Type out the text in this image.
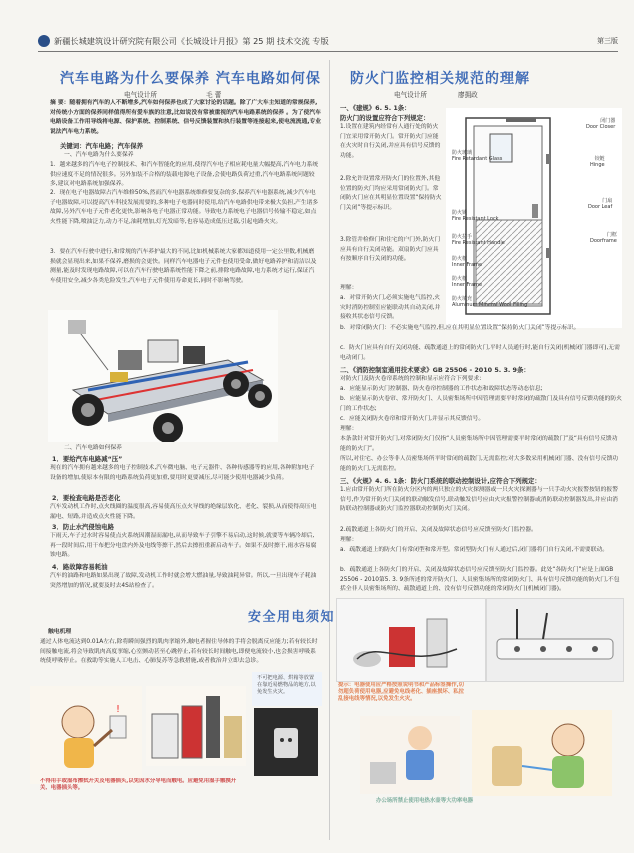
新疆长城建筑设计研究院有限公司《长城设计月报》第 25 期 技术交流 专版	第三版
汽车电路为什么要保养 汽车电路如何保
电气设计所	毛 蕾
摘 要：随着拥有汽车的人不断增多,汽车如何保养也成了大家讨论的话题。除了广大车主知道的常规保养,对传统小方面的保养同样值得所有爱车族的注意,比如说没有常被重视的汽车电路系统的保养 。为了使汽车电路设备工作用导线将电源、保护系统、控制系统、信号反馈装置和执行装置等连接起来,使电流流通,专业说法汽车电力系统。
关键词：汽车电路；汽车保养
一、汽车电路为什么要保养
1．越来越多的汽车电子控制技术、和汽车智能化的应用,使得汽车电子相应耗电量大幅提高,汽车电力系统供应速度不足的情况很多。另外加装不合格的装载电源电子设备,会使电路负荷过重,汽车电路系统问题较多,建议对电路系统加强保养。
2．现在电子电器故障占汽车维修50%,然而汽车电器系统维修要复杂的多,保养汽车电器系统,减少汽车电子电器故障,可以提高汽车科技发展需要的,多种电子电器同时使用,给汽车电路供电带来极大负担,产生诸多故障,另外汽车电子元件老化更快,影响各电子电器正常功能。导致电力系统电子电器信号传输不稳定,如点火性能下降,喷油泛力,动力不足,油耗增加,灯光发暗等,也容易造成低压过载,引起电路火灾。
3．要在汽车行驶中进行,和常规的汽车养护最大的不同,比如机械系统大家都知道使用一定公里数,机械磨损就会显现出来,如果不保养,磨损的会更快。同样汽车电器电子元件也使用受命,做好电路养护和清洁以及测量,能及时发现电路故障,可以在汽车行驶电路系统性能下降之前,排除电路故障,电力系统才运行,保证汽车使用安全,减少各类危险发生,汽车电子元件使用寿命更长,同时不影响驾驶。
二、汽车电路如何保养
1．要给汽车电路减“压”
现在的汽车拥有越来越多的电子控制技术,汽车微电脑、电子元器件、各种传感器等的应用,各种附加电子设备的增加,使原本有限的电路系统负荷更加重,要用时更要减压,尽可能少使用电器减少负荷。
2．要检查电路是否老化
汽车发动机工作时,点火线圈的温度很高,容易使高压点火导线的绝缘层软化、老化、裂损,从而使得高压电漏电、短路,并造成点火性能下降。
3．防止水汽侵蚀电路
下雨天,车子过水时容易使点火系统因潮湿而漏电,从而导致车子引擎不易启动,这时候,就要等车辆冷却后,再一段时间后,用干布把分电盘内外及电线等擦干,然后去擦扭重新启动车子。如果不及时擦干,雨水容易腐蚀电路。
4．路故障容易耗油
汽车的油路和电路如果出现了故障,发动机工作时就会增大燃油量,导致油耗异常。所以,一旦出现车子耗油突然增加的情况,就要及时去4S站检查了。
安全用电须知
触电机理
通过人体电流达到0.01A左右,除将瞬间强烈的肌肉挛缩外,触电者握住导体的手将会脱离反应能力;若有较长时间接触电流,将会导致肌肉高度挛缩,心室颤动甚至心跳停止,若有较长时间触电,即便电流较小,也会损害呼吸系统使呼吸停止。在救助等实施人工电击、心肺复苏等急救措施,或者救治并立即去急诊。
!
不得用手或湿布擦拭开关及电器插头,以免因水分导电而触电。应避免用湿手触摸开关、电器插头等。
不可把电源、烘箱等放置在靠近易燃物品的地方,以免发生火灾。
防火门监控相关规范的理解
电气设计所	廖拥政
一、《建规》6. 5. 1条：
防火门的设置应符合下列规定：
1.设置在建筑内经常有人通行处的防火门宜采用常开防火门。常开防火门应能在火灾时自行关闭,并应具有信号反馈的功能。
2.除允许设置常开防火门的位置外,其他位置的防火门均应采用常闭防火门。常闭防火门应在其明显位置设置“保持防火门关闭”等提示标识。
3.除管井检修门和住宅的户门外,防火门应具有自行关闭功能。双扇防火门应具有按顺序自行关闭的功能。
理解：
a．对常开防火门,必须实施电气监控,火灾时消防控制室应能联动其自动关闭,并接收其状态信号反馈。
闭门器
Door Closer
防火玻璃
Fire Retardant Glass	铰链
Hinge
防火锁
Fire Resistant Lock
门扇
Door Leaf
防火拉手
Fire Resistant Handle
门框
Doorframe
防火框
Inner Frame
防火框
Inner Frame
防火填充
Aluminum Mineral Wool Filling
b．对常闭防火门：不必实施电气监控,但,应在其明显位置设置“保持防火门关闭”等提示标识。
c．防火门应具有自行关闭功能、疏散通道上的常闭防火门,平时人员通行时,能自行关闭(机械闭门器即可),无需电动闭门。
二、《消防控制室通用技术要求》GB 25506 - 2010 5. 3. 9条：
对防火门及防火卷帘系统的控制和显示应符合下列要求：
a．应能显示防火门控制器、防火卷帘控制器的工作状态和故障状态等动态信息;
b．应能显示防火卷帘、常开防火门、人员密集场所中因管理需要平时常闭的疏散门及具有信号反馈功能的防火门的工作状态;
c．应能关闭防火卷帘和常开防火门,并显示其反馈信号。
理解：
本条款针对常开防火门,对常闭防火门仅指“人员密集场所中因管理需要平时常闭的疏散门”及“具有信号反馈功能的防火门”。
所以,对住宅、办公等非人员密集场所平时常闭的疏散门,无需监控;对大多数采用机械闭门器、没有信号反馈功能的防火门,无需监控。
三、《火规》4. 6. 1条：防火门系统的联动控制设计,应符合下列规定：
1.应由常开防火门所在防火分区内的两只独立的火灾探测器或一只火灾探测器与一只手动火灾报警按钮的报警信号,作为常开防火门关闭的联动触发信号,联动触发信号应由火灾报警控制器或消防联动控制器发出,并应由消防联动控制器或防火门监控器联动控制防火门关闭。
2.疏散通道上各防火门的开启、关闭及故障状态信号应反馈至防火门监控器。
理解：
a．疏散通道上的防火门有常闭型和常开型。常闭型防火门有人通过后,闭门器将门自行关闭,不需要联动。
b．疏散通道上各防火门的开启、关闭及故障状态信号应反馈至防火门监控器。此处“各防火门”应是上面GB 25506 - 2010第5. 3. 9条所述的常开防火门、人员密集场所的常闭防火门、具有信号反馈功能的防火门,不包括全非人员密集场所的、疏散通道上的、没有信号反馈功能的常闭防火门(机械闭门器)。
提示：电器使用应严格按照说明书和产品标签操作,切勿超负荷使用电器,应避免电线老化、插座损坏、私拉乱接电线等情况,以免发生火灾。
办公场所禁止使用电热水壶等大功率电器
